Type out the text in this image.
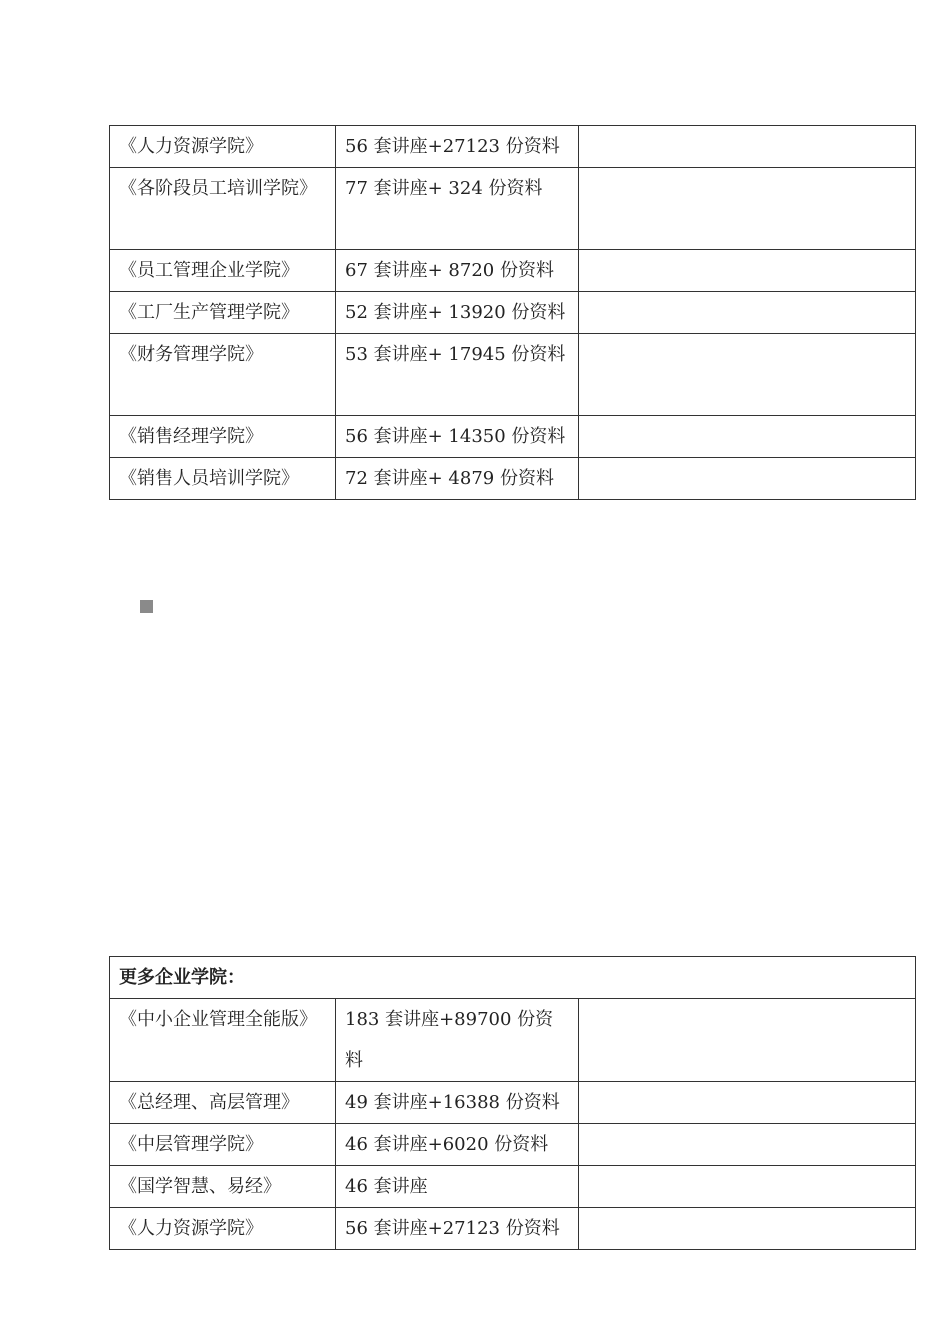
《人力资源学院》	56 套讲座+27123 份资料	
《各阶段员工培训学院》	77 套讲座+ 324 份资料	
《员工管理企业学院》	67 套讲座+ 8720 份资料	
《工厂生产管理学院》	52 套讲座+ 13920 份资料	
《财务管理学院》	53 套讲座+ 17945 份资料	
《销售经理学院》	56 套讲座+ 14350 份资料	
《销售人员培训学院》	72 套讲座+ 4879 份资料	
更多企业学院：		
《中小企业管理全能版》	183 套讲座+89700 份资料	
《总经理、高层管理》	49 套讲座+16388 份资料	
《中层管理学院》	46 套讲座+6020 份资料	
《国学智慧、易经》	46 套讲座	
《人力资源学院》	56 套讲座+27123 份资料	
